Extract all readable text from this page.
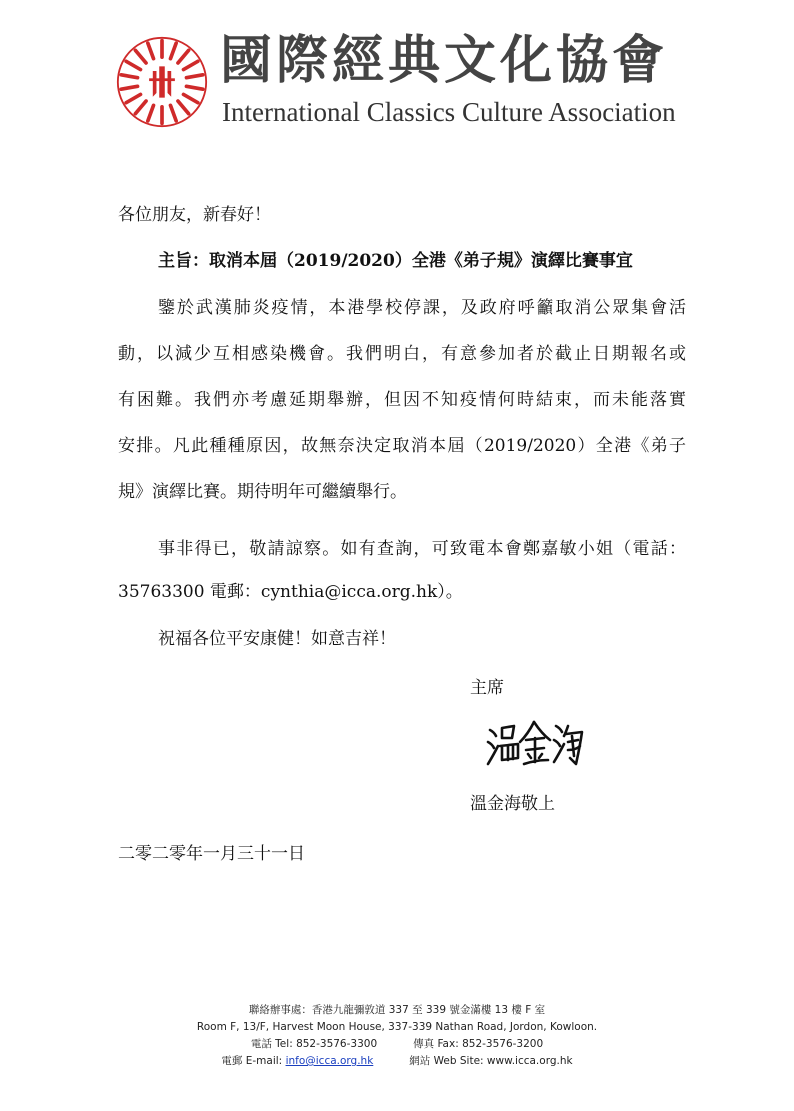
國際經典文化協會
International Classics Culture Association
各位朋友，新春好！
主旨：取消本屆（2019/2020）全港《弟子規》演繹比賽事宜
鑒於武漢肺炎疫情，本港學校停課，及政府呼籲取消公眾集會活
動，以減少互相感染機會。我們明白，有意參加者於截止日期報名或
有困難。我們亦考慮延期舉辦，但因不知疫情何時結束，而未能落實
安排。凡此種種原因，故無奈決定取消本屆（2019/2020）全港《弟子
規》演繹比賽。期待明年可繼續舉行。
事非得已，敬請諒察。如有查詢，可致電本會鄭嘉敏小姐（電話：
35763300 電郵：cynthia@icca.org.hk）。
祝福各位平安康健！如意吉祥！
主席
溫金海敬上
二零二零年一月三十一日
聯絡辦事處：香港九龍彌敦道 337 至 339 號金滿樓 13 樓 F 室
Room F, 13/F, Harvest Moon House, 337-339 Nathan Road, Jordon, Kowloon.
電話 Tel: 852-3576-3300	傳真 Fax: 852-3576-3200
電郵 E-mail: info@icca.org.hk	網站 Web Site: www.icca.org.hk
